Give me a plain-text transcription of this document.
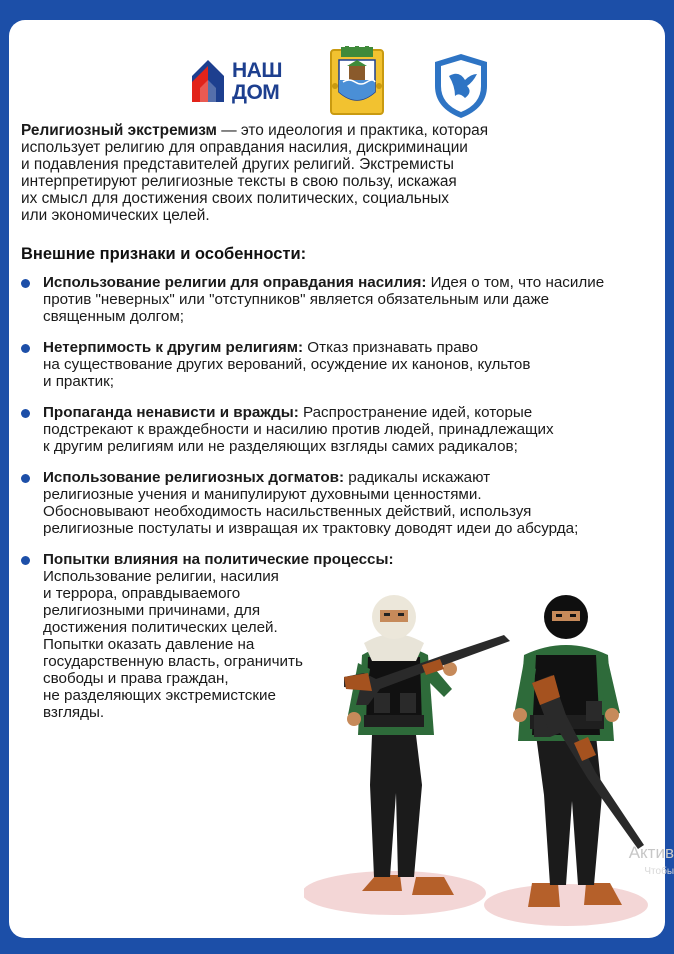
НАШ
ДОМ
Религиозный экстремизм — это идеология и практика, которая
использует религию для оправдания насилия, дискриминации
и подавления представителей других религий. Экстремисты
интерпретируют религиозные тексты в свою пользу, искажая
их смысл для достижения своих политических, социальных
или экономических целей.
Внешние признаки и особенности:
Использование религии для оправдания насилия: Идея о том, что насилие
против "неверных" или "отступников" является обязательным или даже
священным долгом;
Нетерпимость к другим религиям: Отказ признавать право
на существование других верований, осуждение их канонов, культов
и практик;
Пропаганда ненависти и вражды: Распространение идей, которые
подстрекают к враждебности и насилию против людей, принадлежащих
к другим религиям или не разделяющих взгляды самих радикалов;
Использование религиозных догматов: радикалы искажают
религиозные учения и манипулируют духовными ценностями.
Обосновывают необходимость насильственных действий, используя
религиозные постулаты и извращая их трактовку доводят идеи до абсурда;
Попытки влияния на политические процессы:
Использование религии, насилия
и террора, оправдываемого
религиозными причинами, для
достижения политических целей.
Попытки оказать давление на
государственную власть, ограничить
свободы и права граждан,
не разделяющих экстремистские
взгляды.
Актив
Чтобы
